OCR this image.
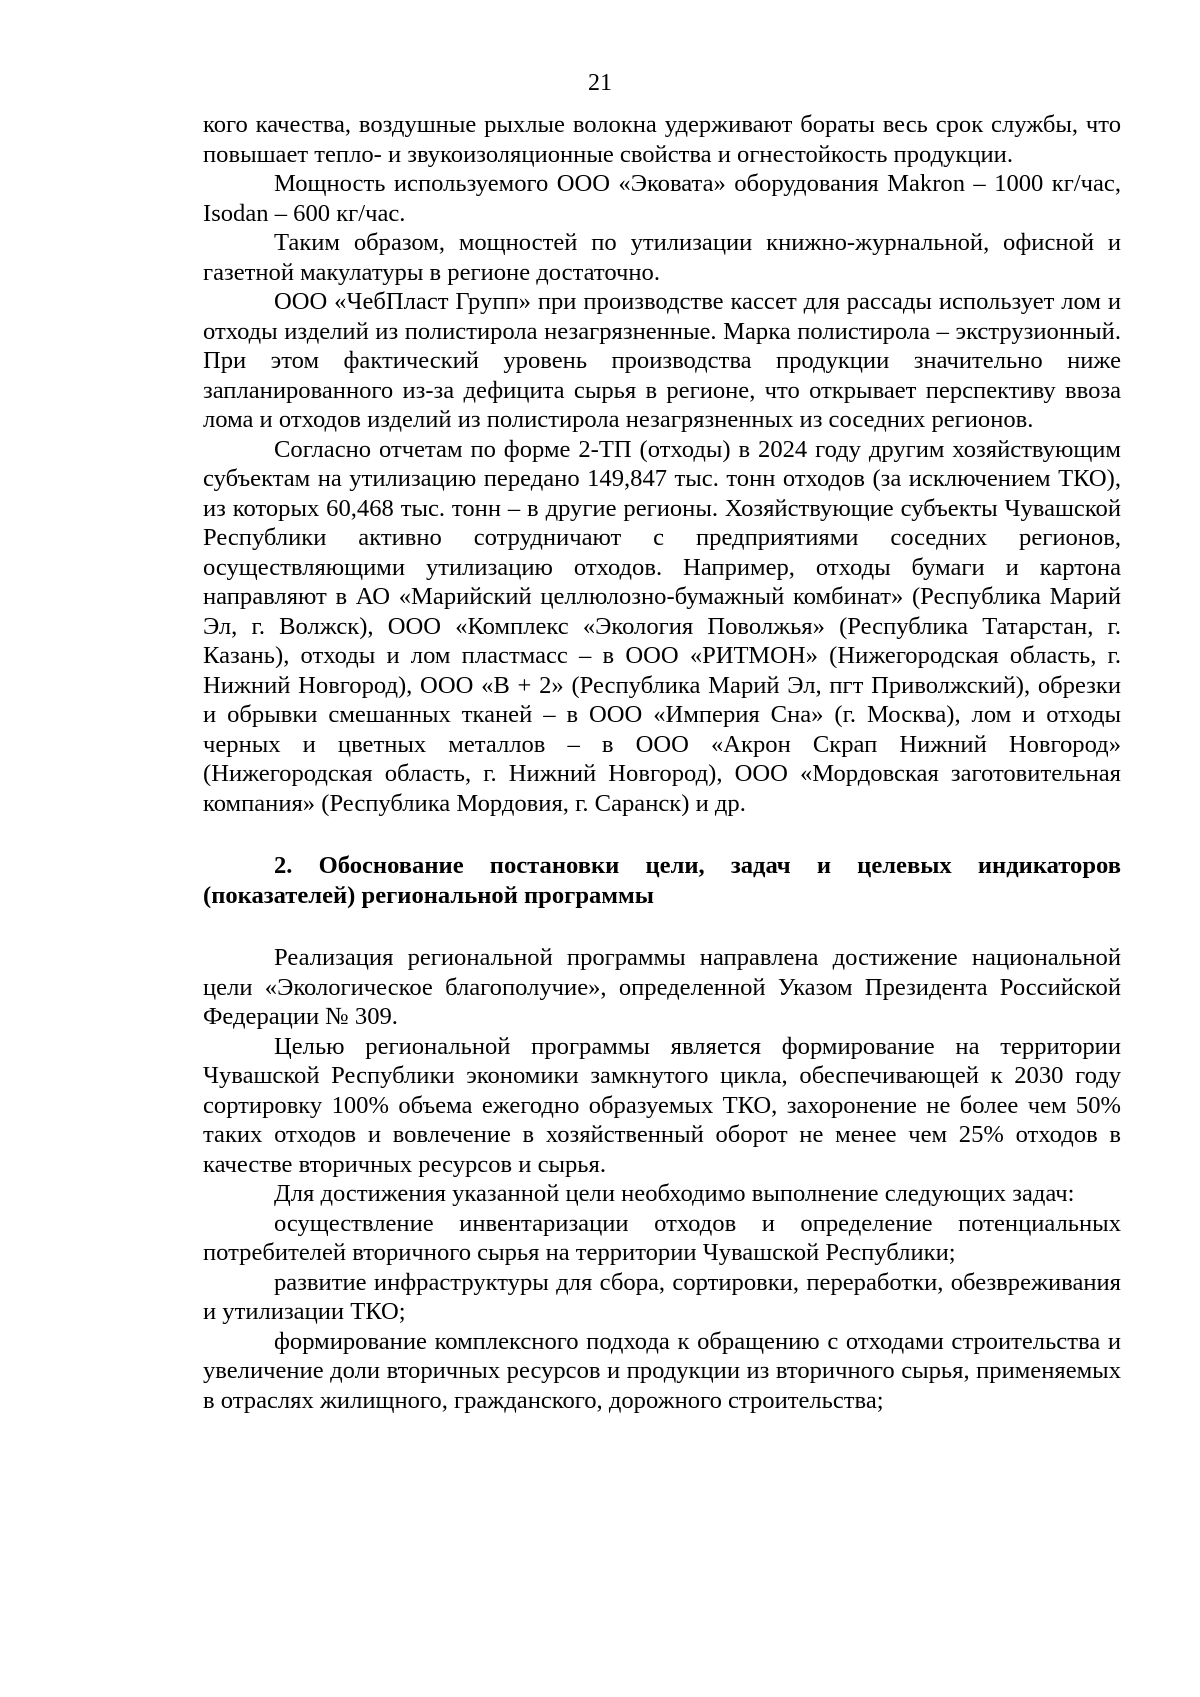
21

кого качества, воздушные рыхлые волокна удерживают бораты весь срок службы, что повышает тепло- и звукоизоляционные свойства и огнестойкость продукции.

Мощность используемого ООО «Эковата» оборудования Makron – 1000 кг/час, Isodan – 600 кг/час.

Таким образом, мощностей по утилизации книжно-журнальной, офисной и газетной макулатуры в регионе достаточно.

ООО «ЧебПласт Групп» при производстве кассет для рассады использует лом и отходы изделий из полистирола незагрязненные. Марка полистирола – экструзионный. При этом фактический уровень производства продукции значительно ниже запланированного из-за дефицита сырья в регионе, что открывает перспективу ввоза лома и отходов изделий из полистирола незагрязненных из соседних регионов.

Согласно отчетам по форме 2-ТП (отходы) в 2024 году другим хозяйствующим субъектам на утилизацию передано 149,847 тыс. тонн отходов (за исключением ТКО), из которых 60,468 тыс. тонн – в другие регионы. Хозяйствующие субъекты Чувашской Республики активно сотрудничают с предприятиями соседних регионов, осуществляющими утилизацию отходов. Например, отходы бумаги и картона направляют в АО «Марийский целлюлозно-бумажный комбинат» (Республика Марий Эл, г. Волжск), ООО «Комплекс «Экология Поволжья» (Республика Татарстан, г. Казань), отходы и лом пластмасс – в ООО «РИТМОН» (Нижегородская область, г. Нижний Новгород), ООО «В + 2» (Республика Марий Эл, пгт Приволжский), обрезки и обрывки смешанных тканей – в ООО «Империя Сна» (г. Москва), лом и отходы черных и цветных металлов – в ООО «Акрон Скрап Нижний Новгород» (Нижегородская область, г. Нижний Новгород), ООО «Мордовская заготовительная компания» (Республика Мордовия, г. Саранск) и др.

2. Обоснование постановки цели, задач и целевых индикаторов (показателей) региональной программы

Реализация региональной программы направлена достижение национальной цели «Экологическое благополучие», определенной Указом Президента Российской Федерации № 309.

Целью региональной программы является формирование на территории Чувашской Республики экономики замкнутого цикла, обеспечивающей к 2030 году сортировку 100% объема ежегодно образуемых ТКО, захоронение не более чем 50% таких отходов и вовлечение в хозяйственный оборот не менее чем 25% отходов в качестве вторичных ресурсов и сырья.

Для достижения указанной цели необходимо выполнение следующих задач:

осуществление инвентаризации отходов и определение потенциальных потребителей вторичного сырья на территории Чувашской Республики;

развитие инфраструктуры для сбора, сортировки, переработки, обезвреживания и утилизации ТКО;

формирование комплексного подхода к обращению с отходами строительства и увеличение доли вторичных ресурсов и продукции из вторичного сырья, применяемых в отраслях жилищного, гражданского, дорожного строительства;
